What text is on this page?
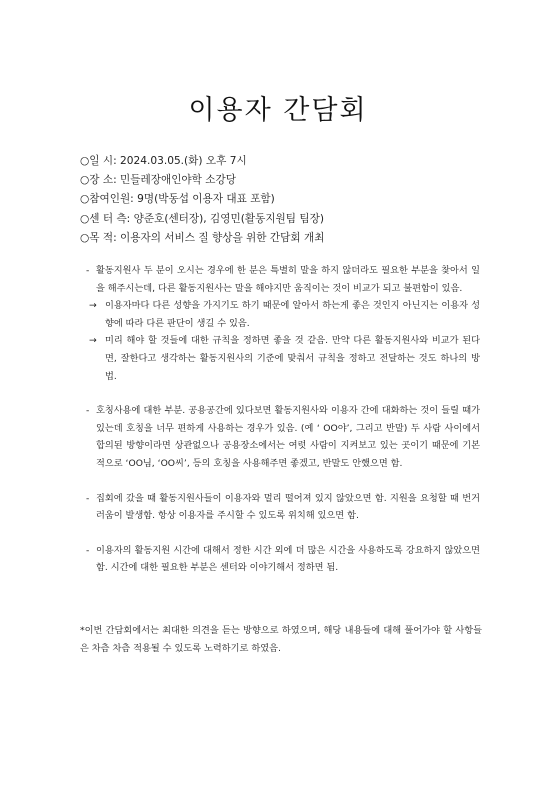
이용자 간담회
○일 시: 2024.03.05.(화) 오후 7시
○장 소: 민들레장애인야학 소강당
○참여인원: 9명(박동섭 이용자 대표 포함)
○센 터 측: 양준호(센터장), 김영민(활동지원팀 팀장)
○목 적: 이용자의 서비스 질 향상을 위한 간담회 개최
- 활동지원사 두 분이 오시는 경우에 한 분은 특별히 말을 하지 않더라도 필요한 부분을 찾아서 일을 해주시는데, 다른 활동지원사는 말을 해야지만 움직이는 것이 비교가 되고 불편함이 있음.
→ 이용자마다 다른 성향을 가지기도 하기 때문에 알아서 하는게 좋은 것인지 아닌지는 이용자 성향에 따라 다른 판단이 생길 수 있음.
→ 미리 해야 할 것들에 대한 규칙을 정하면 좋을 것 같음. 만약 다른 활동지원사와 비교가 된다면, 잘한다고 생각하는 활동지원사의 기준에 맞춰서 규칙을 정하고 전달하는 것도 하나의 방법.
- 호칭사용에 대한 부분. 공용공간에 있다보면 활동지원사와 이용자 간에 대화하는 것이 들릴 때가 있는데 호칭을 너무 편하게 사용하는 경우가 있음. (예 ‘ OO야’, 그리고 반말) 두 사람 사이에서 합의된 방향이라면 상관없으나 공용장소에서는 여럿 사람이 지켜보고 있는 곳이기 때문에 기본적으로 ‘OO님, ‘OO씨’, 등의 호칭을 사용해주면 좋겠고, 반말도 안했으면 함.
- 집회에 갔을 때 활동지원사들이 이용자와 멀리 떨어져 있지 않았으면 함. 지원을 요청할 때 번거러움이 발생함. 항상 이용자를 주시할 수 있도록 위치해 있으면 함.
- 이용자의 활동지원 시간에 대해서 정한 시간 외에 더 많은 시간을 사용하도록 강요하지 않았으면 함. 시간에 대한 필요한 부분은 센터와 이야기해서 정하면 됨.
*이번 간담회에서는 최대한 의견을 듣는 방향으로 하였으며, 해당 내용들에 대해 풀어가야 할 사항들은 차츰 차츰 적용될 수 있도록 노력하기로 하였음.
